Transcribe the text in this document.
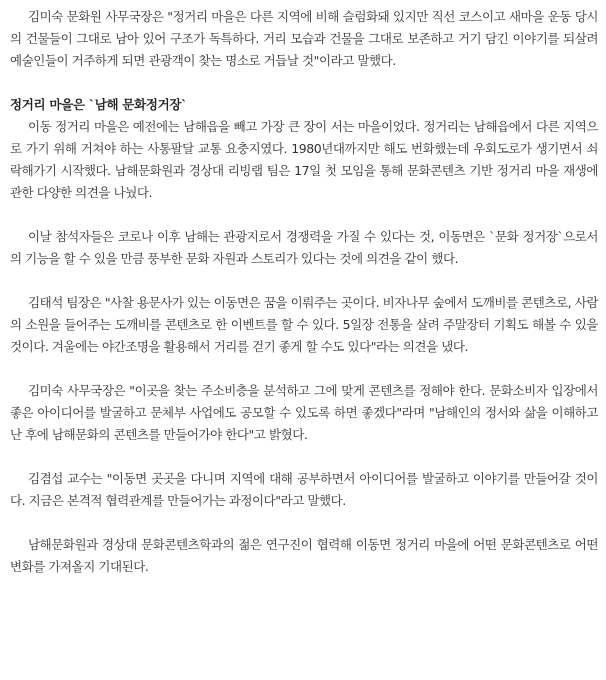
김미숙 문화원 사무국장은 "정거리 마을은 다른 지역에 비해 슬럼화돼 있지만 직선 코스이고 새마을 운동 당시의 건물들이 그대로 남아 있어 구조가 독특하다. 거리 모습과 건물을 그대로 보존하고 거기 담긴 이야기를 되살려 예술인들이 거주하게 되면 관광객이 찾는 명소로 거듭날 것"이라고 말했다.

정거리 마을은 `남해 문화정거장`

이동 정거리 마을은 예전에는 남해읍을 빼고 가장 큰 장이 서는 마을이었다. 정거리는 남해읍에서 다른 지역으로 가기 위해 거쳐야 하는 사통팔달 교통 요충지였다. 1980년대까지만 해도 번화했는데 우회도로가 생기면서 쇠락해가기 시작했다. 남해문화원과 경상대 리빙랩 팀은 17일 첫 모임을 통해 문화콘텐츠 기반 정거리 마을 재생에 관한 다양한 의견을 나눴다.

이날 참석자들은 코로나 이후 남해는 관광지로서 경쟁력을 가질 수 있다는 것, 이동면은 `문화 정거장`으로서의 기능을 할 수 있을 만큼 풍부한 문화 자원과 스토리가 있다는 것에 의견을 같이 했다.

김태석 팀장은 "사찰 용문사가 있는 이동면은 꿈을 이뤄주는 곳이다. 비자나무 숲에서 도깨비를 콘텐츠로, 사람의 소원을 들어주는 도깨비를 콘텐츠로 한 이벤트를 할 수 있다. 5일장 전통을 살려 주말장터 기획도 해볼 수 있을 것이다. 겨울에는 야간조명을 활용해서 거리를 걷기 좋게 할 수도 있다"라는 의견을 냈다.

김미숙 사무국장은 "이곳을 찾는 주소비층을 분석하고 그에 맞게 콘텐츠를 정해야 한다. 문화소비자 입장에서 좋은 아이디어를 발굴하고 문체부 사업에도 공모할 수 있도록 하면 좋겠다"라며 "남해인의 정서와 삶을 이해하고 난 후에 남해문화의 콘텐츠를 만들어가야 한다"고 밝혔다.

김겸섭 교수는 "이동면 곳곳을 다니며 지역에 대해 공부하면서 아이디어를 발굴하고 이야기를 만들어갈 것이다. 지금은 본격적 협력관계를 만들어가는 과정이다"라고 말했다.

남해문화원과 경상대 문화콘텐츠학과의 젊은 연구진이 협력해 이동면 정거리 마을에 어떤 문화콘텐츠로 어떤 변화를 가져올지 기대된다.
